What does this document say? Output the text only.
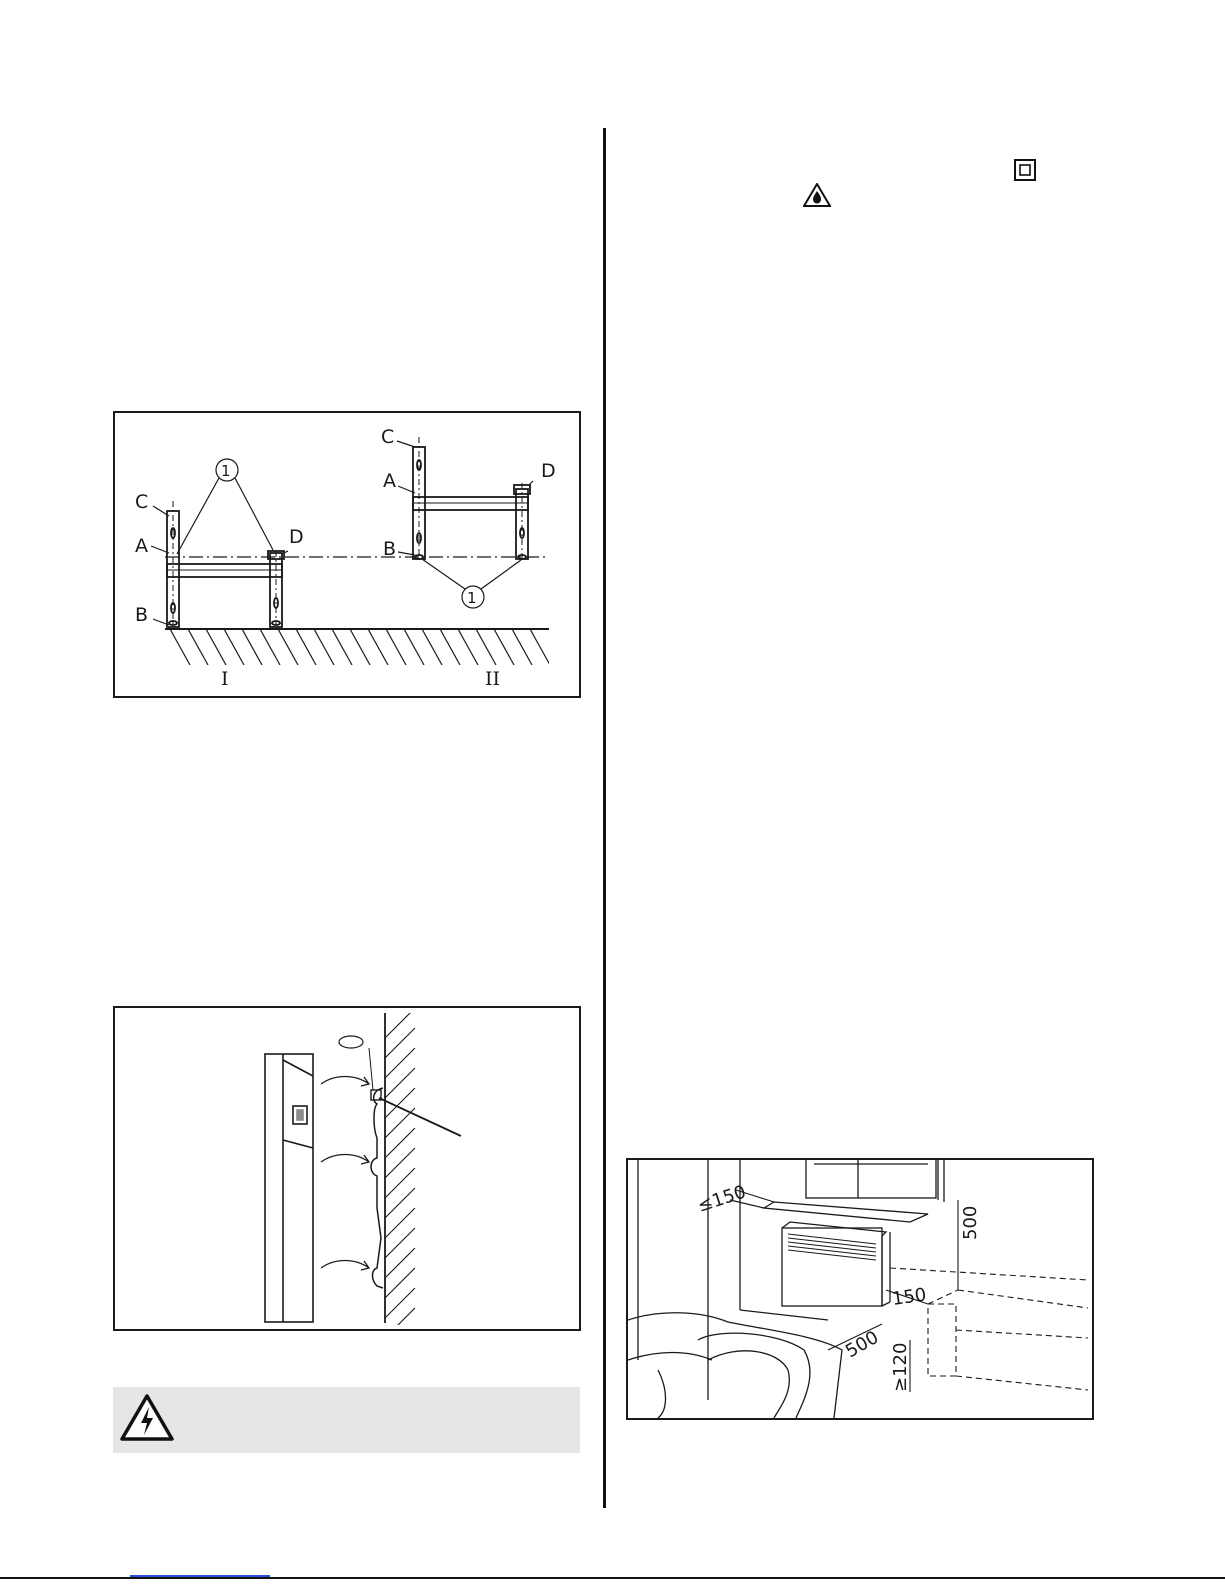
C
A
B
D
1
C
A
B
D
1
I	II
≤150
500
150
500 ≥120
